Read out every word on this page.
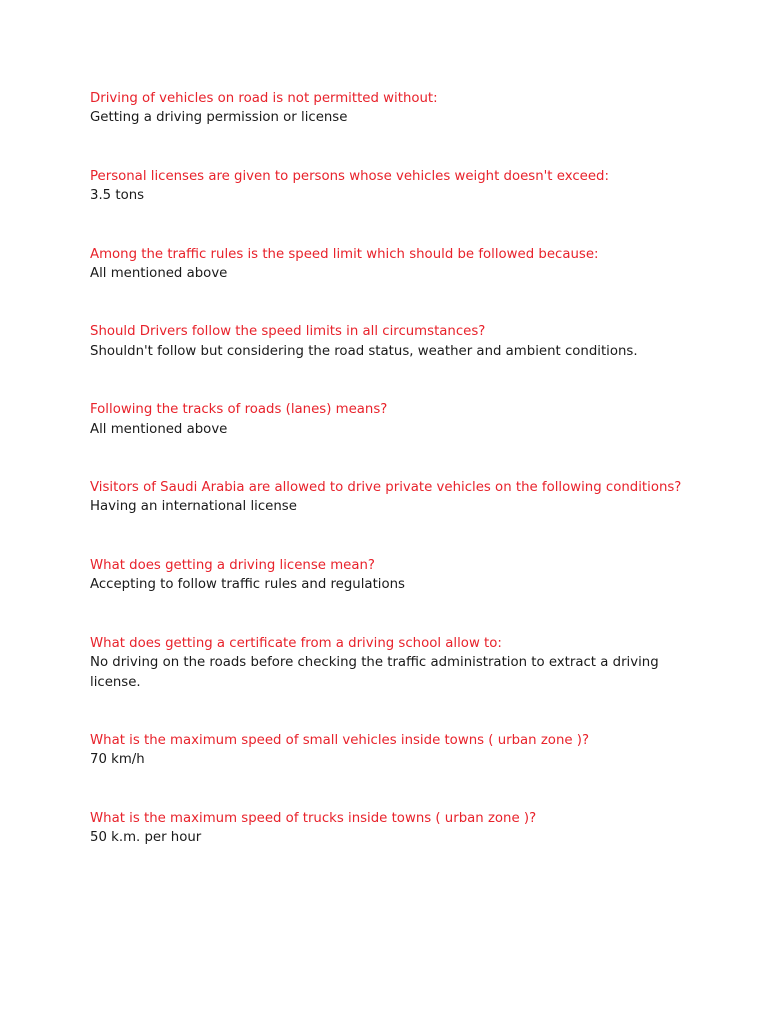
Driving of vehicles on road is not permitted without:

Getting a driving permission or license

Personal licenses are given to persons whose vehicles weight doesn't exceed:

3.5 tons

Among the traffic rules is the speed limit which should be followed because:

All mentioned above

Should Drivers follow the speed limits in all circumstances?

Shouldn't follow but considering the road status, weather and ambient conditions.

Following the tracks of roads (lanes) means?

All mentioned above

Visitors of Saudi Arabia are allowed to drive private vehicles on the following conditions?

Having an international license

What does getting a driving license mean?

Accepting to follow traffic rules and regulations

What does getting a certificate from a driving school allow to:

No driving on the roads before checking the traffic administration to extract a driving license.

What is the maximum speed of small vehicles inside towns ( urban zone )?

70 km/h

What is the maximum speed of trucks inside towns ( urban zone )?

50 k.m. per hour
